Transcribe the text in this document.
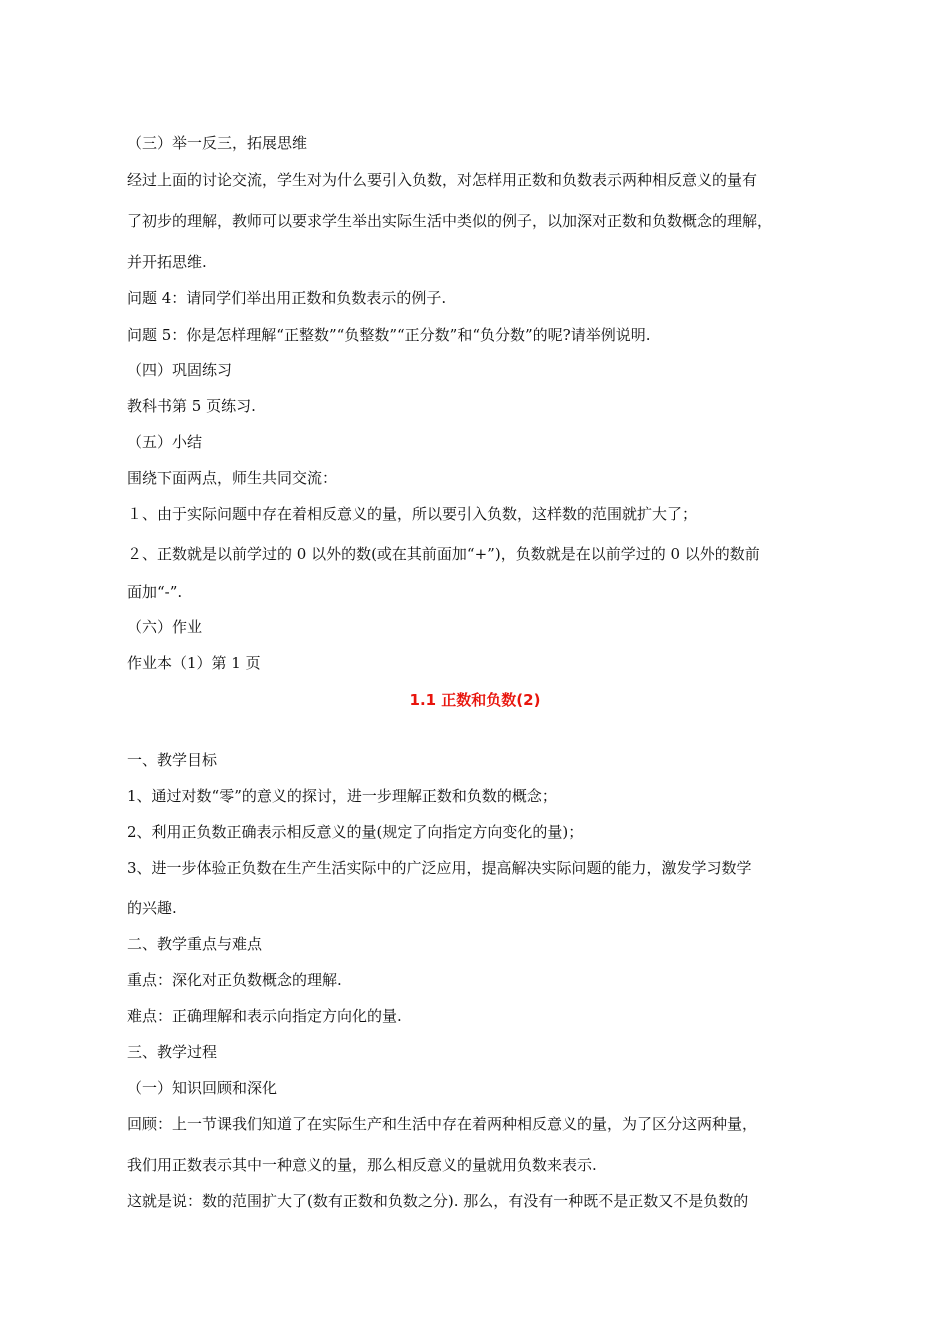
（三）举一反三，拓展思维
经过上面的讨论交流，学生对为什么要引入负数，对怎样用正数和负数表示两种相反意义的量有
了初步的理解，教师可以要求学生举出实际生活中类似的例子，以加深对正数和负数概念的理解，
并开拓思维.
问题 4：请同学们举出用正数和负数表示的例子.
问题 5：你是怎样理解“正整数”“负整数”“正分数”和“负分数”的呢?请举例说明.
（四）巩固练习
教科书第 5 页练习.
（五）小结
围绕下面两点，师生共同交流：
１、由于实际问题中存在着相反意义的量，所以要引入负数，这样数的范围就扩大了；
２、正数就是以前学过的 0 以外的数(或在其前面加“+”)，负数就是在以前学过的 0 以外的数前
面加“-”.
（六）作业
作业本（1）第 1 页
1.1 正数和负数(2)
一、教学目标
1、通过对数“零”的意义的探讨，进一步理解正数和负数的概念；
2、利用正负数正确表示相反意义的量(规定了向指定方向变化的量)；
3、进一步体验正负数在生产生活实际中的广泛应用，提高解决实际问题的能力，激发学习数学
的兴趣.
二、教学重点与难点
重点：深化对正负数概念的理解.
难点：正确理解和表示向指定方向化的量.
三、教学过程
（一）知识回顾和深化
回顾：上一节课我们知道了在实际生产和生活中存在着两种相反意义的量，为了区分这两种量，
我们用正数表示其中一种意义的量，那么相反意义的量就用负数来表示.
这就是说：数的范围扩大了(数有正数和负数之分). 那么，有没有一种既不是正数又不是负数的
